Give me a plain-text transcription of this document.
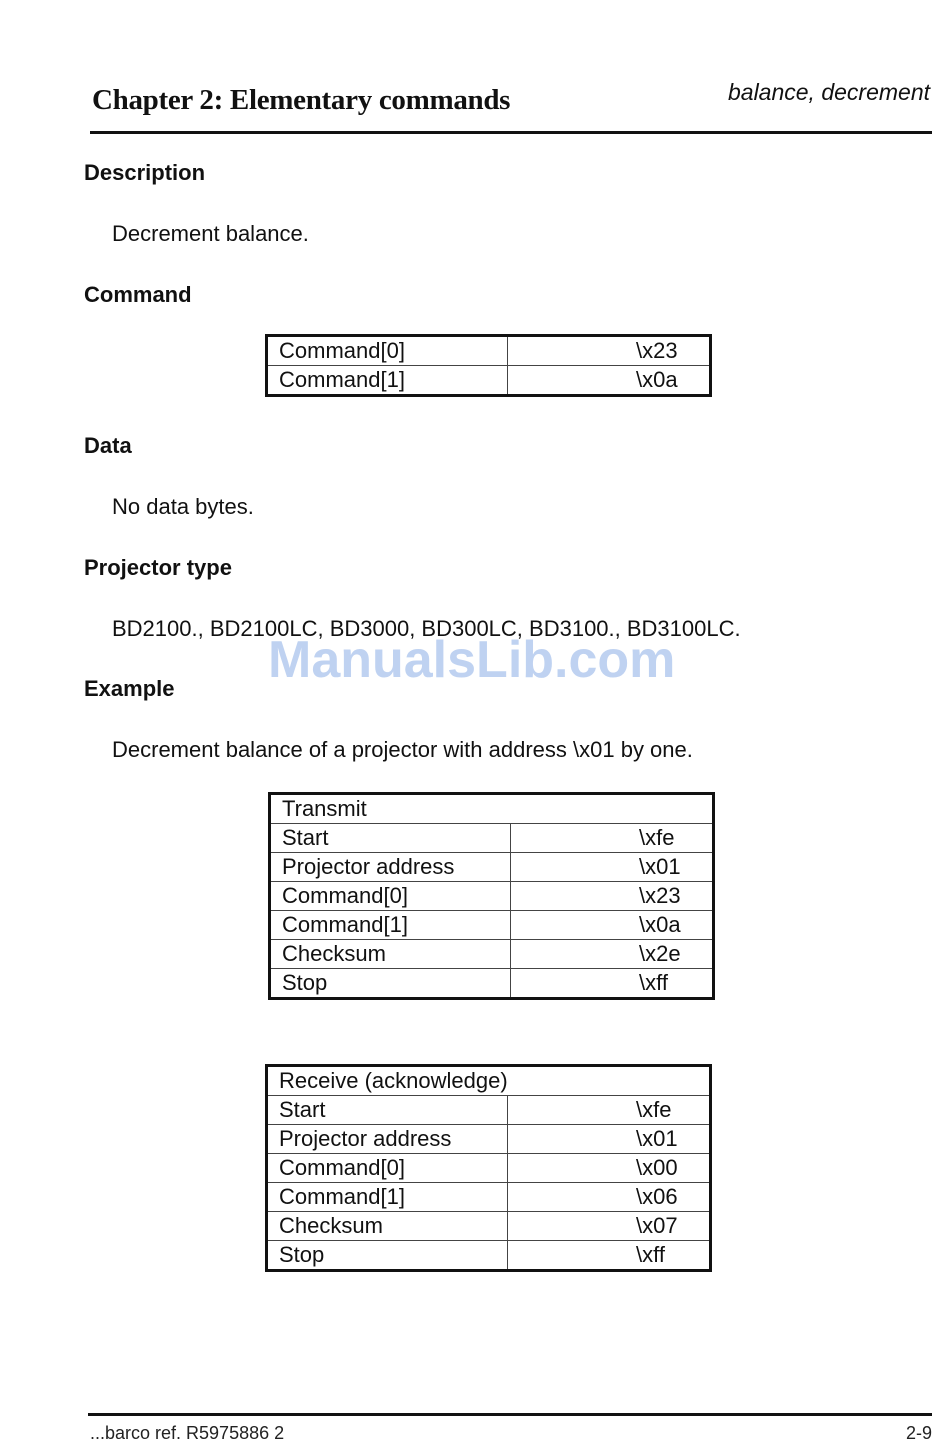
Chapter 2: Elementary commands	balance, decrement
Description
Decrement balance.
Command
Command[0]	\x23
Command[1]	\x0a
Data
No data bytes.
Projector type
BD2100., BD2100LC, BD3000, BD300LC, BD3100., BD3100LC.
Example
Decrement balance of a projector with address \x01 by one.
Transmit	
Start	\xfe
Projector address	\x01
Command[0]	\x23
Command[1]	\x0a
Checksum	\x2e
Stop	\xff
Receive (acknowledge)	
Start	\xfe
Projector address	\x01
Command[0]	\x00
Command[1]	\x06
Checksum	\x07
Stop	\xff
ManualsLib.com
...barco ref. R5975886 2	2-9
